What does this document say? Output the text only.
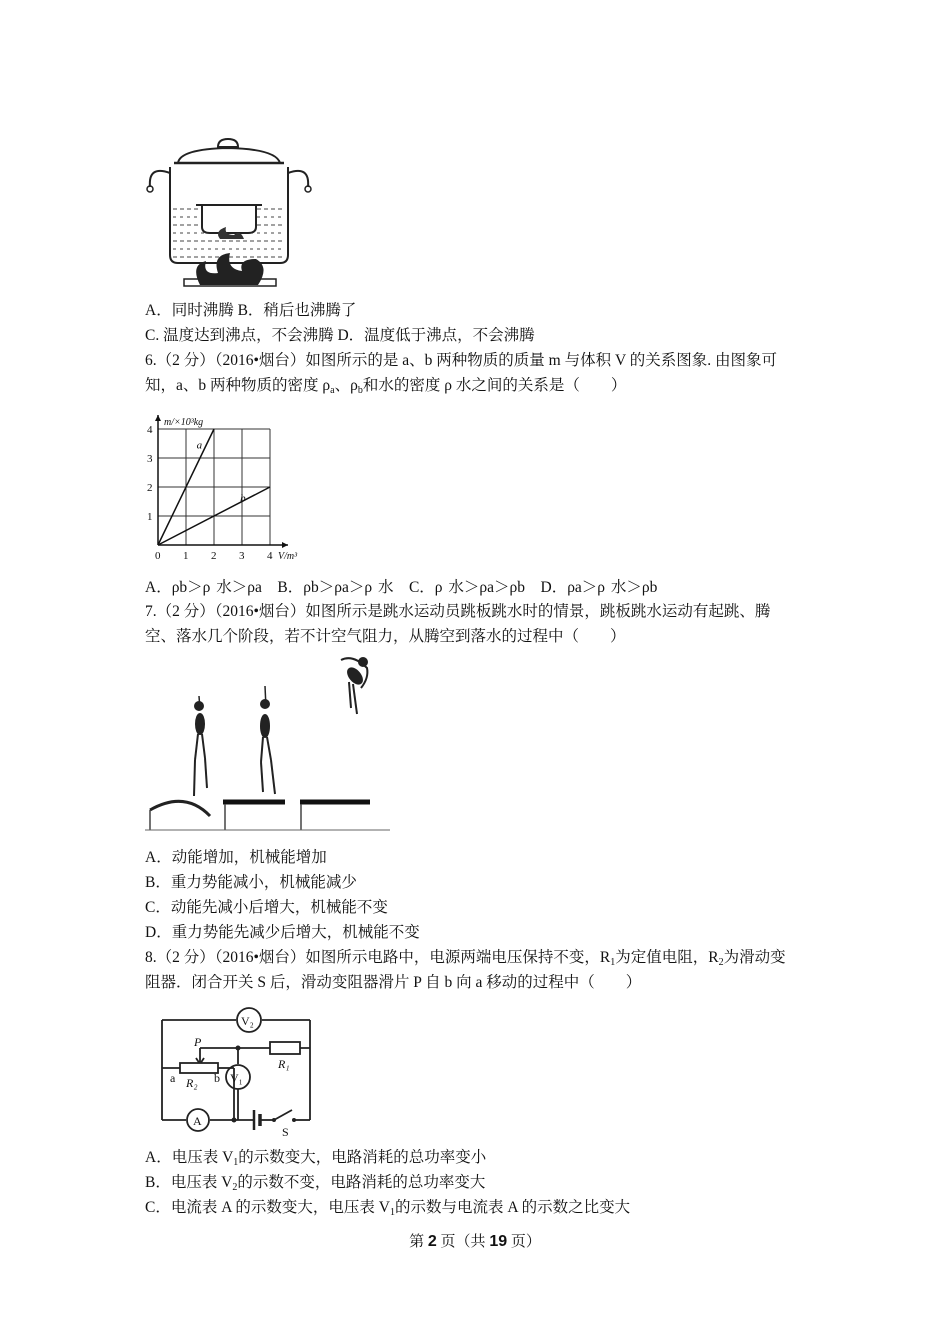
A．同时沸腾 B．稍后也沸腾了
C. 温度达到沸点，不会沸腾 D．温度低于沸点，不会沸腾
6.（2 分）（2016•烟台）如图所示的是 a、b 两种物质的质量 m 与体积 V 的关系图象. 由图象可
知，a、b 两种物质的密度 $\rho_a$、$\rho_b$和水的密度 ρ 水之间的关系是（　　）
0 1 2 3 4
1
2
3
4
m/×10³kg
V/m³
a
b
A．ρb＞ρ 水＞ρa　B．ρb＞ρa＞ρ 水　C．ρ 水＞ρa＞ρb　D．ρa＞ρ 水＞ρb
7.（2 分）（2016•烟台）如图所示是跳水运动员跳板跳水时的情景，跳板跳水运动有起跳、腾
空、落水几个阶段，若不计空气阻力，从腾空到落水的过程中（　　）
A．动能增加，机械能增加
B．重力势能减小，机械能减少
C．动能先减小后增大，机械能不变
D．重力势能先减少后增大，机械能不变
8.（2 分）（2016•烟台）如图所示电路中，电源两端电压保持不变，$R_1$为定值电阻，$R_2$为滑动变
阻器．闭合开关 S 后，滑动变阻器滑片 P 自 b 向 a 移动的过程中（　　）
V₂
V₁
A
R₁
R₂
P
a	b
S
A．电压表 $V_1$的示数变大，电路消耗的总功率变小
B．电压表 $V_2$的示数不变，电路消耗的总功率变大
C．电流表 A 的示数变大，电压表 $V_1$的示数与电流表 A 的示数之比变大
第 2 页（共 19 页）
